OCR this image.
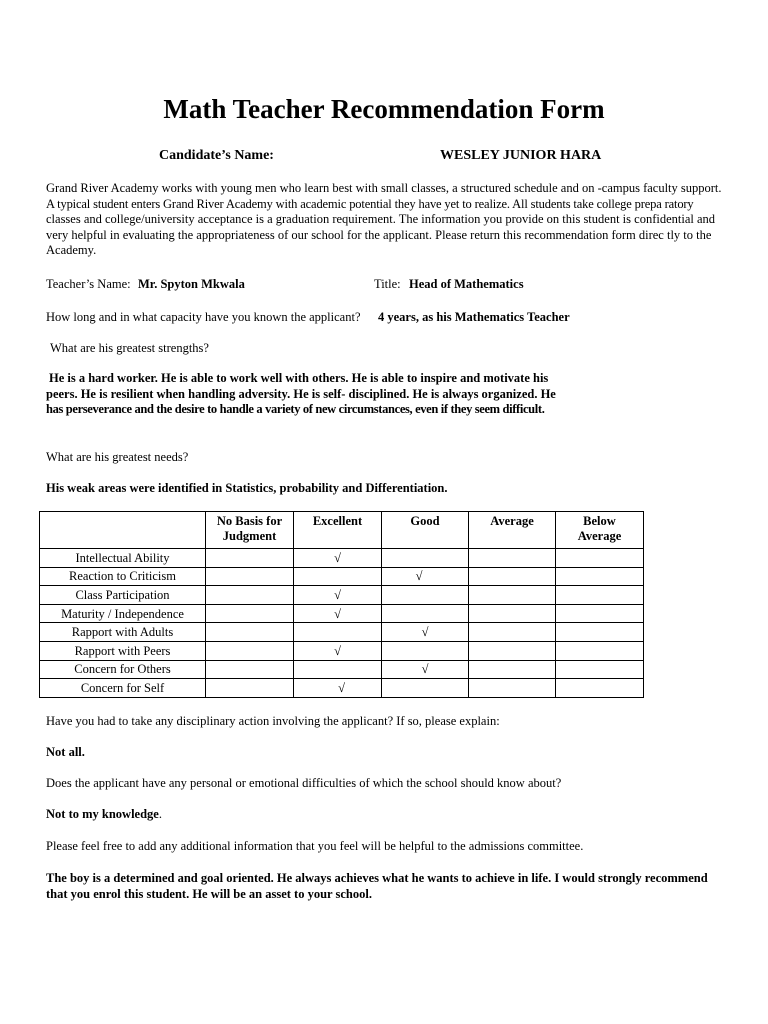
Math Teacher Recommendation Form
Candidate’s Name:	WESLEY JUNIOR HARA
Grand River Academy works with young men who learn best with small classes, a structured schedule and on -campus faculty support.
A typical student enters Grand River Academy with academic potential they have yet to realize. All students take college prepa ratory
classes and college/university acceptance is a graduation requirement. The information you provide on this student is confidential and
very helpful in evaluating the appropriateness of our school for the applicant. Please return this recommendation form direc tly to the
Academy.
Teacher’s Name: Mr. Spyton Mkwala	Title: Head of Mathematics
How long and in what capacity have you known the applicant? 4 years, as his Mathematics Teacher
What are his greatest strengths?
He is a hard worker. He is able to work well with others. He is able to inspire and motivate his
peers. He is resilient when handling adversity. He is self- disciplined. He is always organized. He
has perseverance and the desire to handle a variety of new circumstances, even if they seem difficult.
What are his greatest needs?
His weak areas were identified in Statistics, probability and Differentiation.

	No Basis for
Judgment	Excellent	Good	Average	Below
Average
Intellectual Ability		√			
Reaction to Criticism			√		
Class Participation		√			
Maturity / Independence		√			
Rapport with Adults			√		
Rapport with Peers		√			
Concern for Others			√		
Concern for Self		√			
Have you had to take any disciplinary action involving the applicant? If so, please explain:
Not all.
Does the applicant have any personal or emotional difficulties of which the school should know about?
Not to my knowledge.
Please feel free to add any additional information that you feel will be helpful to the admissions committee.
The boy is a determined and goal oriented. He always achieves what he wants to achieve in life. I would strongly recommend
that you enrol this student. He will be an asset to your school.
